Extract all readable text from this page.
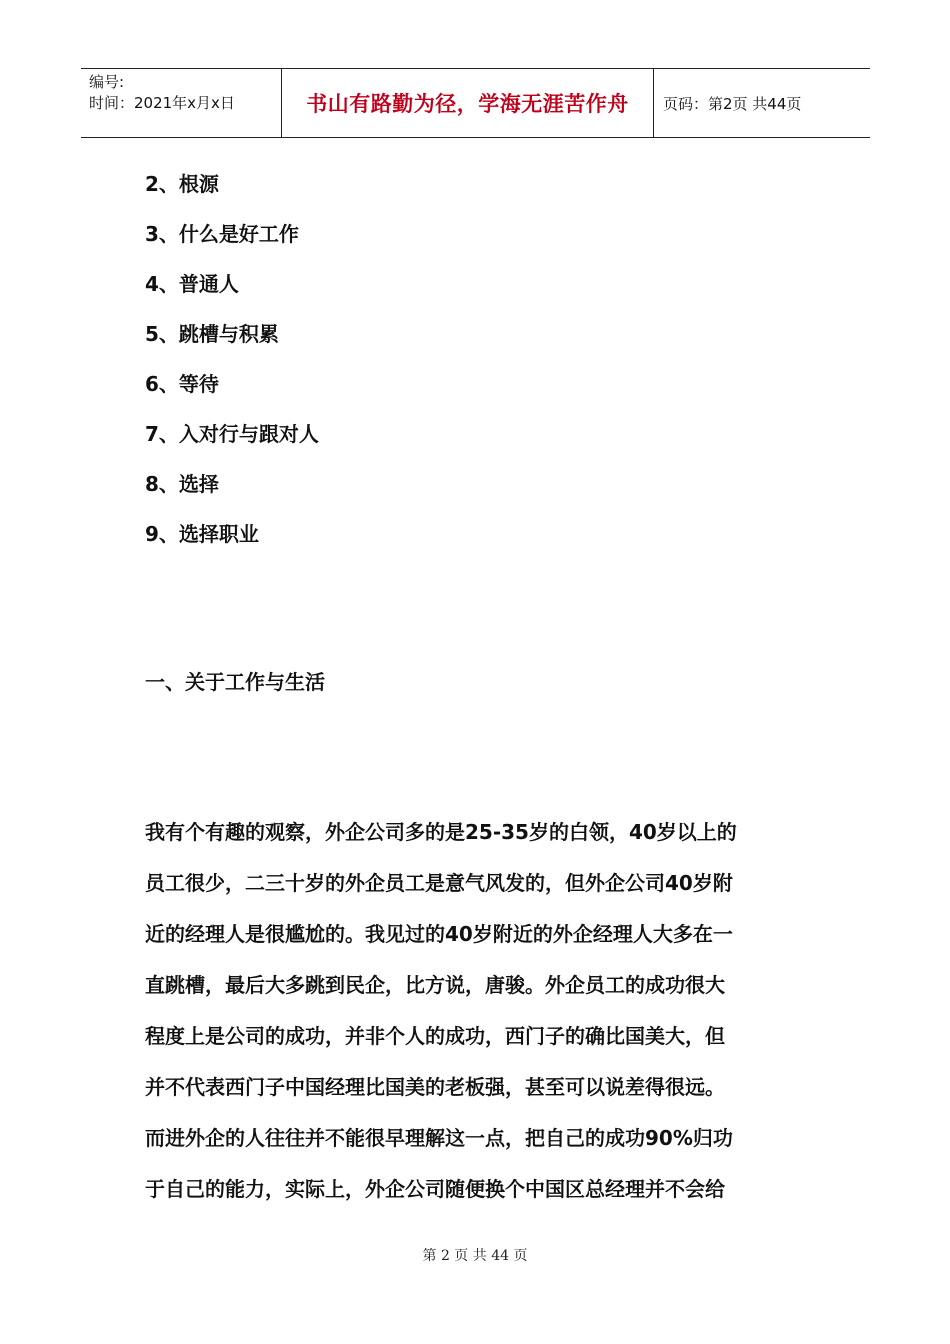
编号:
时间：2021年x月x日	书山有路勤为径，学海无涯苦作舟	页码：第2页 共44页
2、根源
3、什么是好工作
4、普通人
5、跳槽与积累
6、等待
7、入对行与跟对人
8、选择
9、选择职业
一、关于工作与生活

我有个有趣的观察，外企公司多的是25-35岁的白领，40岁以上的
员工很少，二三十岁的外企员工是意气风发的，但外企公司40岁附
近的经理人是很尴尬的。我见过的40岁附近的外企经理人大多在一
直跳槽，最后大多跳到民企，比方说，唐骏。外企员工的成功很大
程度上是公司的成功，并非个人的成功，西门子的确比国美大，但
并不代表西门子中国经理比国美的老板强，甚至可以说差得很远。
而进外企的人往往并不能很早理解这一点，把自己的成功90%归功
于自己的能力，实际上，外企公司随便换个中国区总经理并不会给

第 2 页 共 44 页
